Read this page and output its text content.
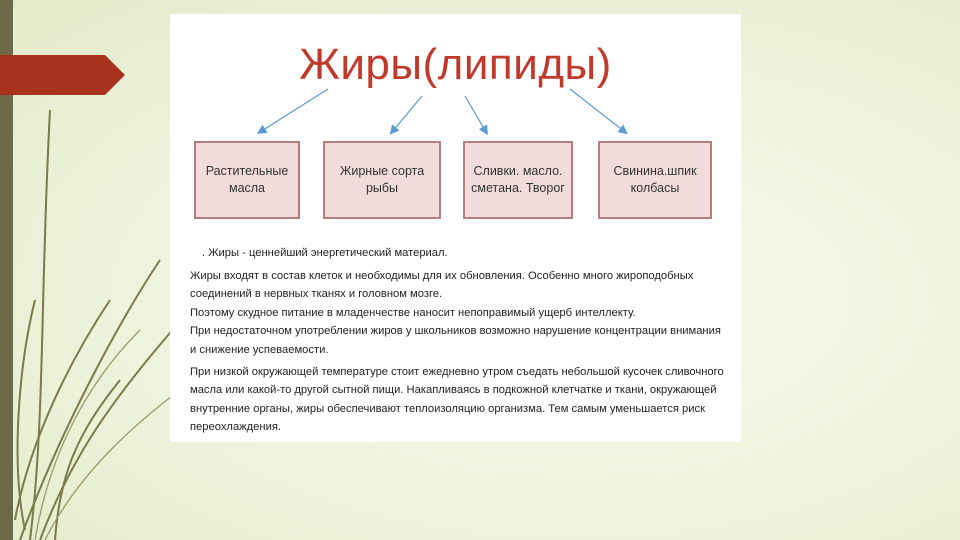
Жиры(липиды)
Растительные масла
Жирные сорта рыбы
Сливки. масло. сметана. Творог
Свинина.шпик колбасы

. Жиры - ценнейший энергетический материал.

Жиры входят в состав клеток и необходимы для их обновления. Особенно много жироподобных соединений в нервных тканях и головном мозге.

Поэтому скудное питание в младенчестве наносит непоправимый ущерб интеллекту.

При недостаточном употреблении жиров у школьников возможно нарушение концентрации внимания и снижение успеваемости.

При низкой окружающей температуре стоит ежедневно утром съедать небольшой кусочек сливочного масла или какой-то другой сытной пищи. Накапливаясь в подкожной клетчатке и ткани, окружающей внутренние органы, жиры обеспечивают теплоизоляцию организма. Тем самым уменьшается риск переохлаждения.
